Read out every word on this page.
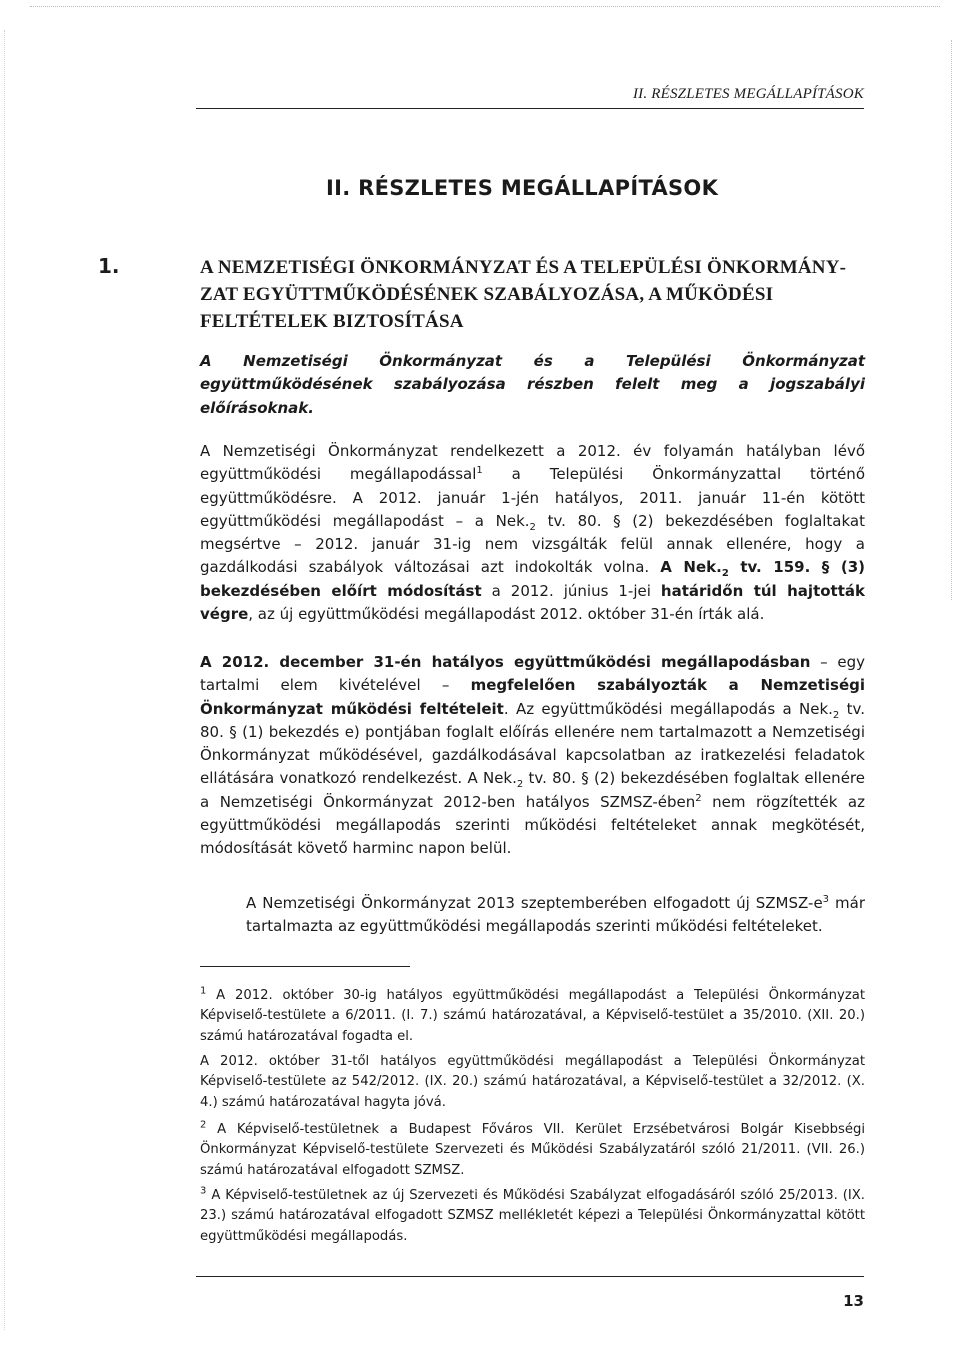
II. RÉSZLETES MEGÁLLAPÍTÁSOK
II. RÉSZLETES MEGÁLLAPÍTÁSOK
1.	A NEMZETISÉGI ÖNKORMÁNYZAT ÉS A TELEPÜLÉSI ÖNKORMÁNYZAT EGYÜTTMŰKÖDÉSÉNEK SZABÁLYOZÁSA, A MŰKÖDÉSI FELTÉTELEK BIZTOSÍTÁSA
A Nemzetiségi Önkormányzat és a Települési Önkormányzat együttműködésének szabályozása részben felelt meg a jogszabályi előírásoknak.
A Nemzetiségi Önkormányzat rendelkezett a 2012. év folyamán hatályban lévő együttműködési megállapodással$^1$ a Települési Önkormányzattal történő együttműködésre. A 2012. január 1-jén hatályos, 2011. január 11-én kötött együttműködési megállapodást – a $Nek._2$ tv. 80. § (2) bekezdésében foglaltakat megsértve – 2012. január 31-ig nem vizsgálták felül annak ellenére, hogy a gazdálkodási szabályok változásai azt indokolták volna. A $Nek._2$ tv. 159. § (3) bekezdésében előírt módosítást a 2012. június 1-jei határidőn túl hajtották végre, az új együttműködési megállapodást 2012. október 31-én írták alá.
A 2012. december 31-én hatályos együttműködési megállapodásban – egy tartalmi elem kivételével – megfelelően szabályozták a Nemzetiségi Önkormányzat működési feltételeit. Az együttműködési megállapodás a $Nek._2$ tv. 80. § (1) bekezdés e) pontjában foglalt előírás ellenére nem tartalmazott a Nemzetiségi Önkormányzat működésével, gazdálkodásával kapcsolatban az iratkezelési feladatok ellátására vonatkozó rendelkezést. A $Nek._2$ tv. 80. § (2) bekezdésében foglaltak ellenére a Nemzetiségi Önkormányzat 2012-ben hatályos SZMSZ-ében$^2$ nem rögzítették az együttműködési megállapodás szerinti működési feltételeket annak megkötését, módosítását követő harminc napon belül.
A Nemzetiségi Önkormányzat 2013 szeptemberében elfogadott új SZMSZ-$e^3$ már tartalmazta az együttműködési megállapodás szerinti működési feltételeket.
$^1$ A 2012. október 30-ig hatályos együttműködési megállapodást a Települési Önkormányzat Képviselő-testülete a 6/2011. (I. 7.) számú határozatával, a Képviselő-testület a 35/2010. (XII. 20.) számú határozatával fogadta el.
A 2012. október 31-től hatályos együttműködési megállapodást a Települési Önkormányzat Képviselő-testülete az 542/2012. (IX. 20.) számú határozatával, a Képviselő-testület a 32/2012. (X. 4.) számú határozatával hagyta jóvá.
$^2$ A Képviselő-testületnek a Budapest Főváros VII. Kerület Erzsébetvárosi Bolgár Kisebbségi Önkormányzat Képviselő-testülete Szervezeti és Működési Szabályzatáról szóló 21/2011. (VII. 26.) számú határozatával elfogadott SZMSZ.
$^3$ A Képviselő-testületnek az új Szervezeti és Működési Szabályzat elfogadásáról szóló 25/2013. (IX. 23.) számú határozatával elfogadott SZMSZ mellékletét képezi a Települési Önkormányzattal kötött együttműködési megállapodás.
13
